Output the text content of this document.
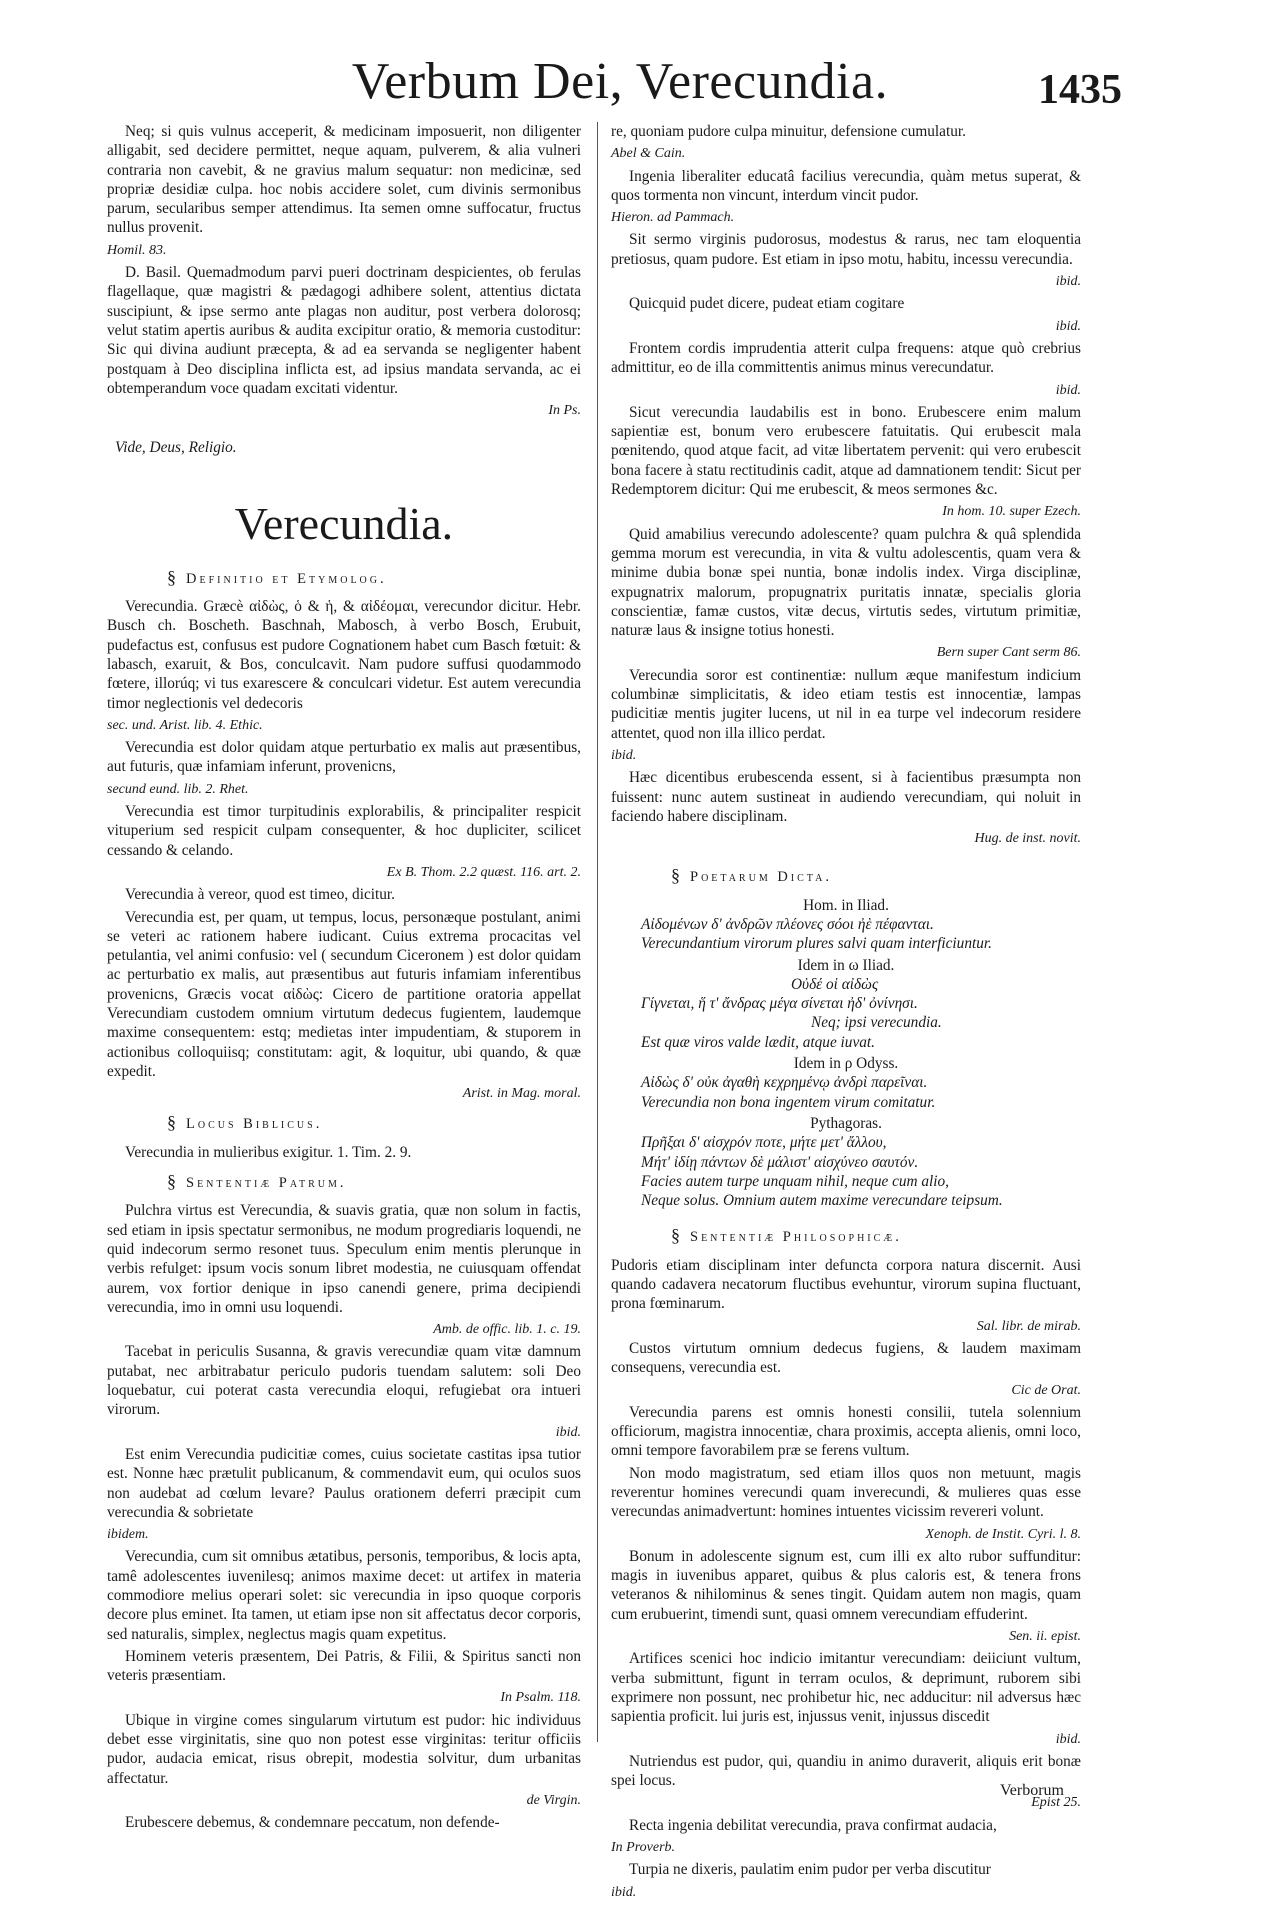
Verbum Dei, Verecundia.	1435

Neq; si quis vulnus acceperit, & medicinam imposuerit, non diligenter alligabit, sed decidere permittet, neque aquam, pulverem, & alia vulneri contraria non cavebit, & ne gravius malum sequatur: non medicinæ, sed propriæ desidiæ culpa. hoc nobis accidere solet, cum divinis sermonibus parum, secularibus semper attendimus. Ita semen omne suffocatur, fructus nullus provenit.

Homil. 83.

D. Basil. Quemadmodum parvi pueri doctrinam despicientes, ob ferulas flagellaque, quæ magistri & pædagogi adhibere solent, attentius dictata suscipiunt, & ipse sermo ante plagas non auditur, post verbera dolorosq; velut statim apertis auribus & audita excipitur oratio, & memoria custoditur: Sic qui divina audiunt præcepta, & ad ea servanda se negligenter habent postquam à Deo disciplina inflicta est, ad ipsius mandata servanda, ac ei obtemperandum voce quadam excitati videntur.

In Ps.

Vide, Deus, Religio.

Verecundia.

§ Definitio et Etymolog.

Verecundia. Græcè αἰδὼς, ὁ & ἡ, & αἰδέομαι, verecundor dicitur. Hebr. Busch ch. Boscheth. Baschnah, Mabosch, à verbo Bosch, Erubuit, pudefactus est, confusus est pudore Cognationem habet cum Basch fœtuit: & labasch, exaruit, & Bos, conculcavit. Nam pudore suffusi quodammodo fœtere, illorúq; vi tus exarescere & conculcari videtur. Est autem verecundia timor neglectionis vel dedecoris

sec. und. Arist. lib. 4. Ethic.

Verecundia est dolor quidam atque perturbatio ex malis aut præsentibus, aut futuris, quæ infamiam inferunt, provenicns,

secund eund. lib. 2. Rhet.

Verecundia est timor turpitudinis explorabilis, & principaliter respicit vituperium sed respicit culpam consequenter, & hoc dupliciter, scilicet cessando & celando.

Ex B. Thom. 2.2 quæst. 116. art. 2.

Verecundia à vereor, quod est timeo, dicitur.

Verecundia est, per quam, ut tempus, locus, personæque postulant, animi se veteri ac rationem habere iudicant. Cuius extrema procacitas vel petulantia, vel animi confusio: vel ( secundum Ciceronem ) est dolor quidam ac perturbatio ex malis, aut præsentibus aut futuris infamiam inferentibus provenicns, Græcis vocat αἰδὼς: Cicero de partitione oratoria appellat Verecundiam custodem omnium virtutum dedecus fugientem, laudemque maxime consequentem: estq; medietas inter impudentiam, & stuporem in actionibus colloquiisq; constitutam: agit, & loquitur, ubi quando, & quæ expedit.

Arist. in Mag. moral.

§ Locus Biblicus.

Verecundia in mulieribus exigitur. 1. Tim. 2. 9.

§ Sententiæ Patrum.

Pulchra virtus est Verecundia, & suavis gratia, quæ non solum in factis, sed etiam in ipsis spectatur sermonibus, ne modum progrediaris loquendi, ne quid indecorum sermo resonet tuus. Speculum enim mentis plerunque in verbis refulget: ipsum vocis sonum libret modestia, ne cuiusquam offendat aurem, vox fortior denique in ipso canendi genere, prima decipiendi verecundia, imo in omni usu loquendi.

Amb. de offic. lib. 1. c. 19.

Tacebat in periculis Susanna, & gravis verecundiæ quam vitæ damnum putabat, nec arbitrabatur periculo pudoris tuendam salutem: soli Deo loquebatur, cui poterat casta verecundia eloqui, refugiebat ora intueri virorum.

ibid.

Est enim Verecundia pudicitiæ comes, cuius societate castitas ipsa tutior est. Nonne hæc prætulit publicanum, & commendavit eum, qui oculos suos non audebat ad cœlum levare? Paulus orationem deferri præcipit cum verecundia & sobrietate

ibidem.

Verecundia, cum sit omnibus ætatibus, personis, temporibus, & locis apta, tamê adolescentes iuvenilesq; animos maxime decet: ut artifex in materia commodiore melius operari solet: sic verecundia in ipso quoque corporis decore plus eminet. Ita tamen, ut etiam ipse non sit affectatus decor corporis, sed naturalis, simplex, neglectus magis quam expetitus.

Hominem veteris præsentem, Dei Patris, & Filii, & Spiritus sancti non veteris præsentiam.

In Psalm. 118.

Ubique in virgine comes singularum virtutum est pudor: hic individuus debet esse virginitatis, sine quo non potest esse virginitas: teritur officiis pudor, audacia emicat, risus obrepit, modestia solvitur, dum urbanitas affectatur.

de Virgin.

Erubescere debemus, & condemnare peccatum, non defende-

re, quoniam pudore culpa minuitur, defensione cumulatur.

Abel & Cain.

Ingenia liberaliter educatâ facilius verecundia, quàm metus superat, & quos tormenta non vincunt, interdum vincit pudor.

Hieron. ad Pammach.

Sit sermo virginis pudorosus, modestus & rarus, nec tam eloquentia pretiosus, quam pudore. Est etiam in ipso motu, habitu, incessu verecundia.

ibid.

Quicquid pudet dicere, pudeat etiam cogitare

ibid.

Frontem cordis imprudentia atterit culpa frequens: atque quò crebrius admittitur, eo de illa committentis animus minus verecundatur.

ibid.

Sicut verecundia laudabilis est in bono. Erubescere enim malum sapientiæ est, bonum vero erubescere fatuitatis. Qui erubescit mala pœnitendo, quod atque facit, ad vitæ libertatem pervenit: qui vero erubescit bona facere à statu rectitudinis cadit, atque ad damnationem tendit: Sicut per Redemptorem dicitur: Qui me erubescit, & meos sermones &c.

In hom. 10. super Ezech.

Quid amabilius verecundo adolescente? quam pulchra & quâ splendida gemma morum est verecundia, in vita & vultu adolescentis, quam vera & minime dubia bonæ spei nuntia, bonæ indolis index. Virga disciplinæ, expugnatrix malorum, propugnatrix puritatis innatæ, specialis gloria conscientiæ, famæ custos, vitæ decus, virtutis sedes, virtutum primitiæ, naturæ laus & insigne totius honesti.

Bern super Cant serm 86.

Verecundia soror est continentiæ: nullum æque manifestum indicium columbinæ simplicitatis, & ideo etiam testis est innocentiæ, lampas pudicitiæ mentis jugiter lucens, ut nil in ea turpe vel indecorum residere attentet, quod non illa illico perdat.

ibid.

Hæc dicentibus erubescenda essent, si à facientibus præsumpta non fuissent: nunc autem sustineat in audiendo verecundiam, qui noluit in faciendo habere disciplinam.

Hug. de inst. novit.

§ Poetarum Dicta.

Hom. in Iliad.

Αἰδομένων δ' ἀνδρῶν πλέονες σόοι ἠὲ πέφανται.

Verecundantium virorum plures salvi quam interficiuntur.

Idem in ω Iliad.

Οὐδέ οἱ αἰδὼς

Γίγνεται, ἥ τ' ἄνδρας μέγα σίνεται ἠδ' ὀνίνησι.

Neq; ipsi verecundia.

Est quæ viros valde lædit, atque iuvat.

Idem in ρ Odyss.

Αἰδὼς δ' οὐκ ἀγαθὴ κεχρημένῳ ἀνδρὶ παρεῖναι.

Verecundia non bona ingentem virum comitatur.

Pythagoras.

Πρῆξαι δ' αἰσχρόν ποτε, μήτε μετ' ἄλλου,

Μήτ' ἰδίῃ πάντων δὲ μάλιστ' αἰσχύνεο σαυτόν.

Facies autem turpe unquam nihil, neque cum alio,

Neque solus. Omnium autem maxime verecundare teipsum.

§ Sententiæ Philosophicæ.

Pudoris etiam disciplinam inter defuncta corpora natura discernit. Ausi quando cadavera necatorum fluctibus evehuntur, virorum supina fluctuant, prona fœminarum.

Sal. libr. de mirab.

Custos virtutum omnium dedecus fugiens, & laudem maximam consequens, verecundia est.

Cic de Orat.

Verecundia parens est omnis honesti consilii, tutela solennium officiorum, magistra innocentiæ, chara proximis, accepta alienis, omni loco, omni tempore favorabilem præ se ferens vultum.

Non modo magistratum, sed etiam illos quos non metuunt, magis reverentur homines verecundi quam inverecundi, & mulieres quas esse verecundas animadvertunt: homines intuentes vicissim revereri volunt.

Xenoph. de Instit. Cyri. l. 8.

Bonum in adolescente signum est, cum illi ex alto rubor suffunditur: magis in iuvenibus apparet, quibus & plus caloris est, & tenera frons veteranos & nihilominus & senes tingit. Quidam autem non magis, quam cum erubuerint, timendi sunt, quasi omnem verecundiam effuderint.

Sen. ii. epist.

Artifices scenici hoc indicio imitantur verecundiam: deiiciunt vultum, verba submittunt, figunt in terram oculos, & deprimunt, ruborem sibi exprimere non possunt, nec prohibetur hic, nec adducitur: nil adversus hæc sapientia proficit. lui juris est, injussus venit, injussus discedit

ibid.

Nutriendus est pudor, qui, quandiu in animo duraverit, aliquis erit bonæ spei locus.

Epist 25.

Recta ingenia debilitat verecundia, prava confirmat audacia,

In Proverb.

Turpia ne dixeris, paulatim enim pudor per verba discutitur

ibid.

Verborum
